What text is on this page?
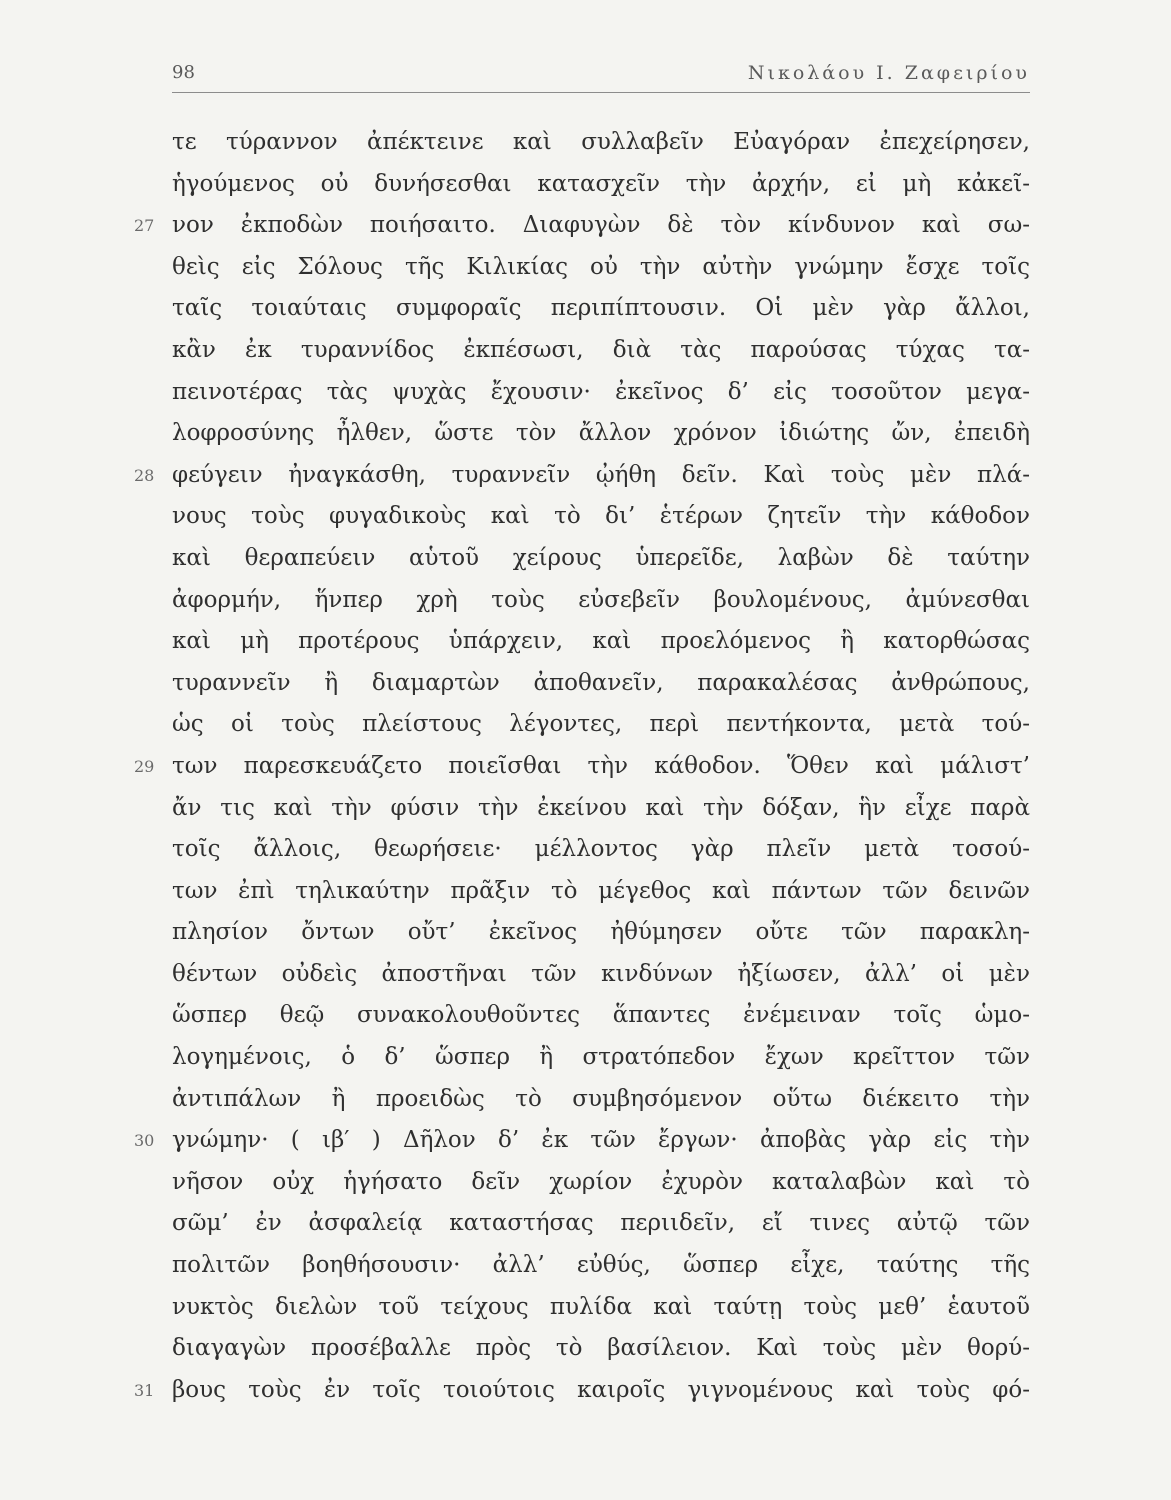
98	Νικολάου Ι. Ζαφειρίου
τε τύραννον ἀπέκτεινε καὶ συλλαβεῖν Εὐαγόραν ἐπεχείρησεν,
ἡγούμενος οὐ δυνήσεσθαι κατασχεῖν τὴν ἀρχήν, εἰ μὴ κἀκεῖ-
27 νον ἐκποδὼν ποιήσαιτο. Διαφυγὼν δὲ τὸν κίνδυνον καὶ σω-
θεὶς εἰς Σόλους τῆς Κιλικίας οὐ τὴν αὐτὴν γνώμην ἔσχε τοῖς
ταῖς τοιαύταις συμφοραῖς περιπίπτουσιν. Οἱ μὲν γὰρ ἄλλοι,
κἂν ἐκ τυραννίδος ἐκπέσωσι, διὰ τὰς παρούσας τύχας τα-
πεινοτέρας τὰς ψυχὰς ἔχουσιν· ἐκεῖνος δ’ εἰς τοσοῦτον μεγα-
λοφροσύνης ἦλθεν, ὥστε τὸν ἄλλον χρόνον ἰδιώτης ὤν, ἐπειδὴ
28 φεύγειν ἠναγκάσθη, τυραννεῖν ᾠήθη δεῖν. Καὶ τοὺς μὲν πλά-
νους τοὺς φυγαδικοὺς καὶ τὸ δι’ ἑτέρων ζητεῖν τὴν κάθοδον
καὶ θεραπεύειν αὑτοῦ χείρους ὑπερεῖδε, λαβὼν δὲ ταύτην
ἀφορμήν, ἥνπερ χρὴ τοὺς εὐσεβεῖν βουλομένους, ἀμύνεσθαι
καὶ μὴ προτέρους ὑπάρχειν, καὶ προελόμενος ἢ κατορθώσας
τυραννεῖν ἢ διαμαρτὼν ἀποθανεῖν, παρακαλέσας ἀνθρώπους,
ὡς οἱ τοὺς πλείστους λέγοντες, περὶ πεντήκοντα, μετὰ τού-
29 των παρεσκευάζετο ποιεῖσθαι τὴν κάθοδον. Ὅθεν καὶ μάλιστ’
ἄν τις καὶ τὴν φύσιν τὴν ἐκείνου καὶ τὴν δόξαν, ἣν εἶχε παρὰ
τοῖς ἄλλοις, θεωρήσειε· μέλλοντος γὰρ πλεῖν μετὰ τοσού-
των ἐπὶ τηλικαύτην πρᾶξιν τὸ μέγεθος καὶ πάντων τῶν δεινῶν
πλησίον ὄντων οὔτ’ ἐκεῖνος ἠθύμησεν οὔτε τῶν παρακλη-
θέντων οὐδεὶς ἀποστῆναι τῶν κινδύνων ἠξίωσεν, ἀλλ’ οἱ μὲν
ὥσπερ θεῷ συνακολουθοῦντες ἅπαντες ἐνέμειναν τοῖς ὡμο-
λογημένοις, ὁ δ’ ὥσπερ ἢ στρατόπεδον ἔχων κρεῖττον τῶν
ἀντιπάλων ἢ προειδὼς τὸ συμβησόμενον οὕτω διέκειτο τὴν
30 γνώμην· ( ιβ′ ) Δῆλον δ’ ἐκ τῶν ἔργων· ἀποβὰς γὰρ εἰς τὴν
νῆσον οὐχ ἡγήσατο δεῖν χωρίον ἐχυρὸν καταλαβὼν καὶ τὸ
σῶμ’ ἐν ἀσφαλείᾳ καταστήσας περιιδεῖν, εἴ τινες αὐτῷ τῶν
πολιτῶν βοηθήσουσιν· ἀλλ’ εὐθύς, ὥσπερ εἶχε, ταύτης τῆς
νυκτὸς διελὼν τοῦ τείχους πυλίδα καὶ ταύτῃ τοὺς μεθ’ ἑαυτοῦ
διαγαγὼν προσέβαλλε πρὸς τὸ βασίλειον. Καὶ τοὺς μὲν θορύ-
31 βους τοὺς ἐν τοῖς τοιούτοις καιροῖς γιγνομένους καὶ τοὺς φό-
